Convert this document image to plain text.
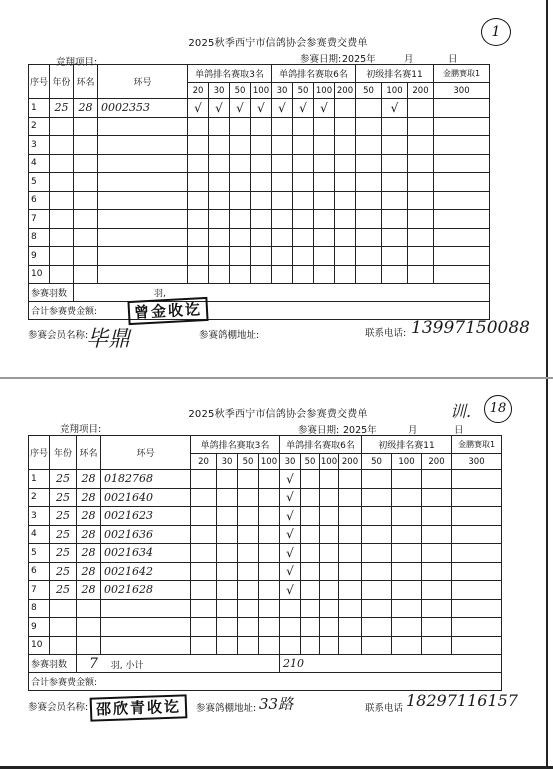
2025秋季西宁市信鸽协会参赛费交费单
1
竞翔项目:	参赛日期: 2025年	月	日
序号	年份	环名	环号	单鸽排名赛取3名				单鸽排名赛取6名				初级排名赛11			金鹏赛取1
				20	30	50	100	30	50	100	200	50	100	200	300
1	25	28	0002353	√	√	√	√	√	√	√			√		
2															
3															
4															
5															
6															
7															
8															
9															
10															
参赛羽数		羽,													
合计参赛费金额:																曾金收讫
参赛会员名称:
毕鼎	参赛鸽棚地址:	联系电话: 13997150088
2025秋季西宁市信鸽协会参赛费交费单	训.	18
竞翔项目:	参赛日期: 2025年	月	日
序号	年份	环名	环号	单鸽排名赛取3名				单鸽排名赛取6名				初级排名赛11			金鹏赛取1
				20	30	50	100	30	50	100	200	50	100	200	300
1	25	28	0182768					√							
2	25	28	0021640					√							
3	25	28	0021623					√							
4	25	28	0021636					√							
5	25	28	0021634					√							
6	25	28	0021642					√							
7	25	28	0021628					√							
8															
9															
10															
参赛羽数		7 羽, 小计						210							
合计参赛费金额:															
参赛会员名称: 邵欣青收讫	参赛鸽棚地址: 33路	联系电话 18297116157
